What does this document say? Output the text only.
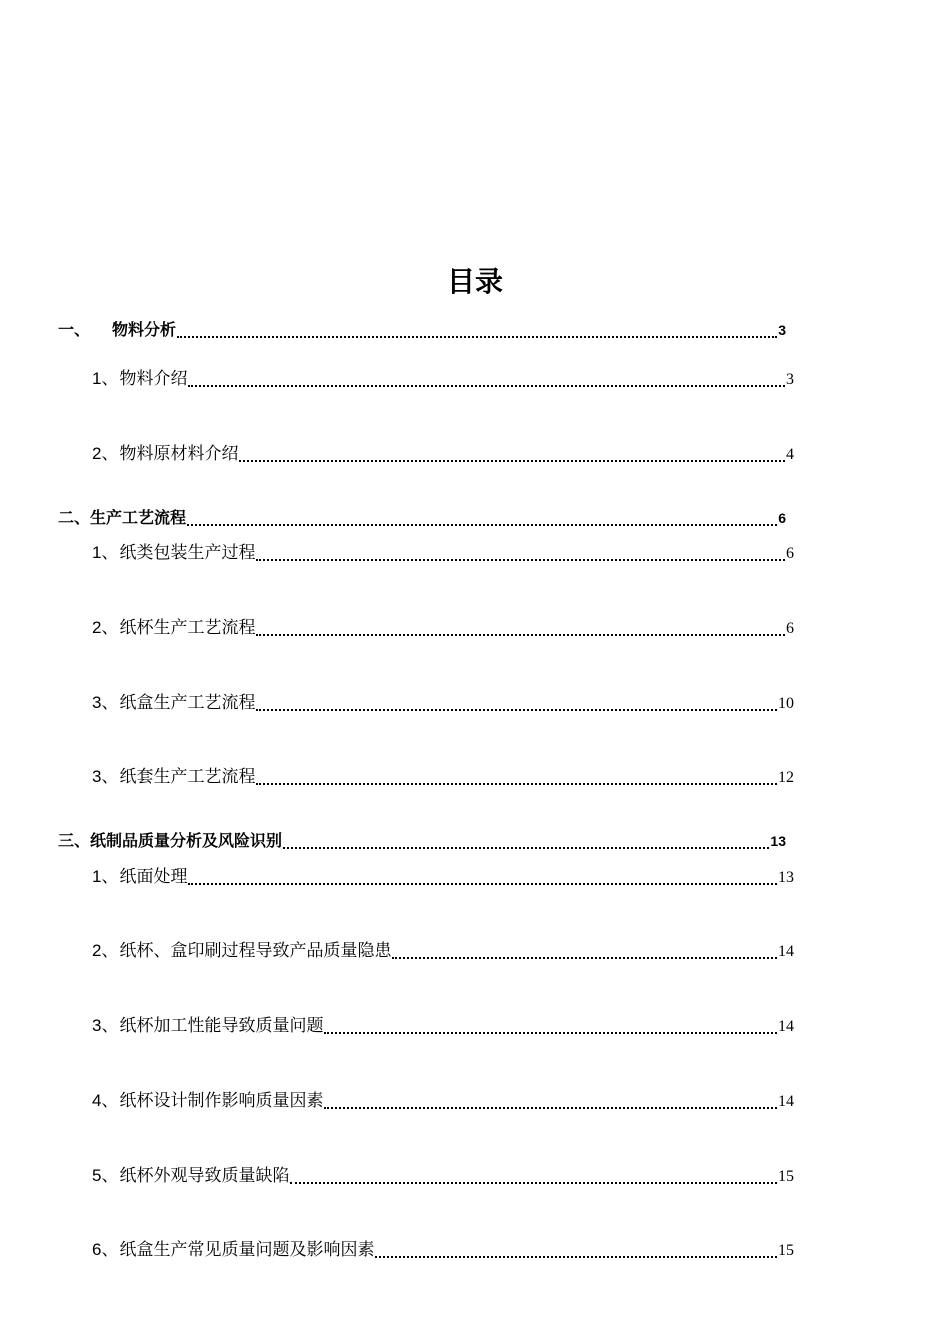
目录
一、 物料分析	3
1 、 物料介绍	3
2 、 物料原材料介绍	4
二、 生产工艺流程	6
1 、 纸类包装生产过程	6
2 、 纸杯生产工艺流程	6
3 、 纸盒生产工艺流程	10
3 、 纸套生产工艺流程	12
三、 纸制品质量分析及风险识别	13
1 、 纸面处理	13
2 、 纸杯、盒印刷过程导致产品质量隐患	14
3 、 纸杯加工性能导致质量问题	14
4 、 纸杯设计制作影响质量因素	14
5 、 纸杯外观导致质量缺陷	15
6 、 纸盒生产常见质量问题及影响因素	15
